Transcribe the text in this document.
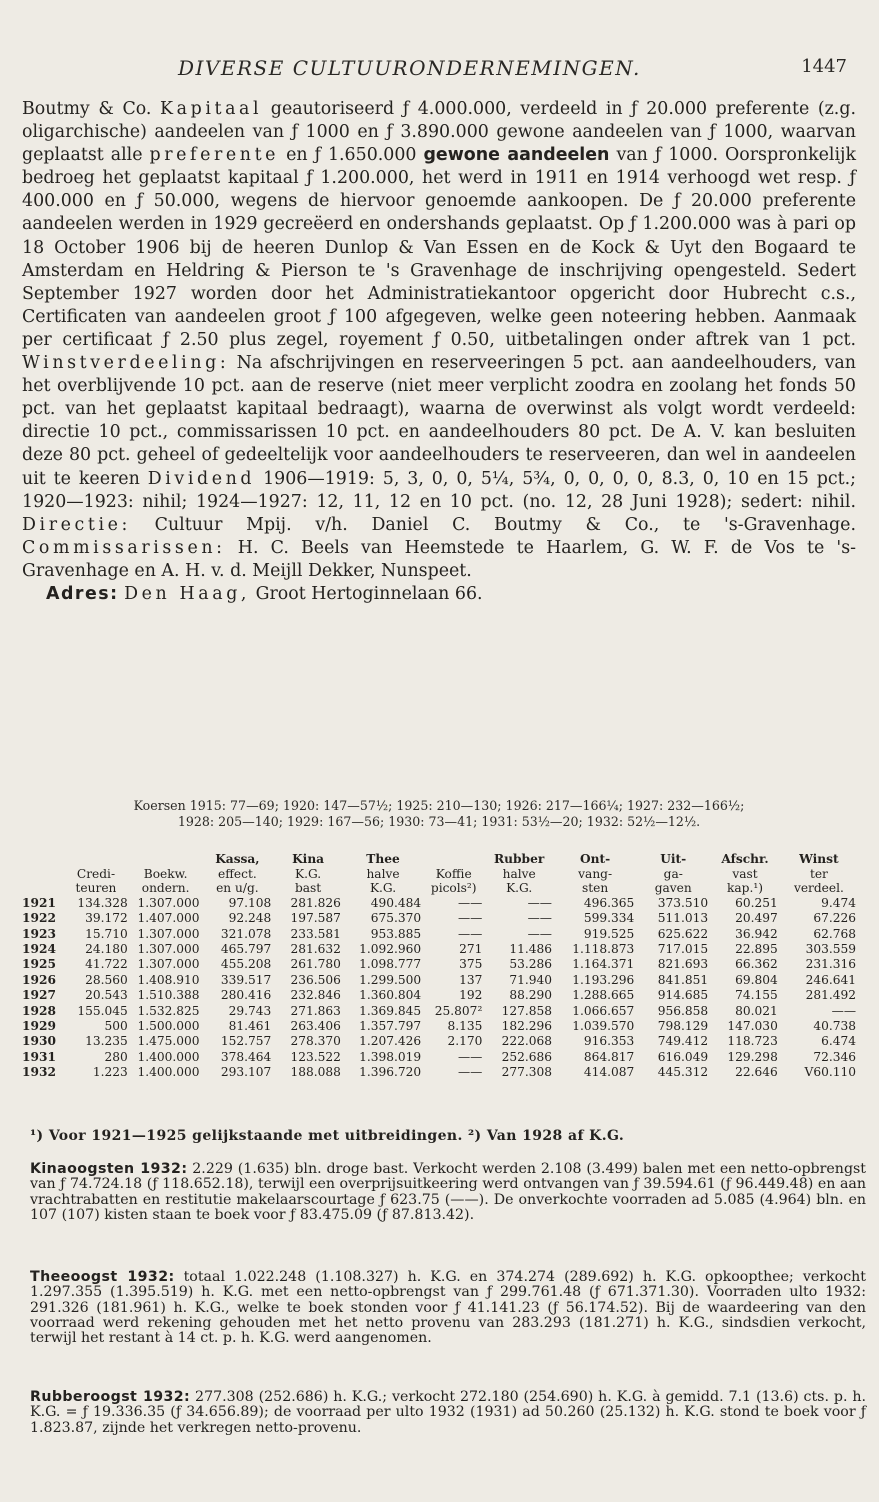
DIVERSE CULTUURONDERNEMINGEN.	1447

Boutmy & Co. Kapitaal geautoriseerd ƒ 4.000.000, verdeeld in ƒ 20.000 preferente (z.g. oligarchische) aandeelen van ƒ 1000 en ƒ 3.890.000 gewone aandeelen van ƒ 1000, waarvan geplaatst alle preferente en ƒ 1.650.000 gewone aandeelen van ƒ 1000. Oorspronkelijk bedroeg het geplaatst kapitaal ƒ 1.200.000, het werd in 1911 en 1914 verhoogd wet resp. ƒ 400.000 en ƒ 50.000, wegens de hiervoor genoemde aankoopen. De ƒ 20.000 preferente aandeelen werden in 1929 gecreëerd en ondershands geplaatst. Op ƒ 1.200.000 was à pari op 18 October 1906 bij de heeren Dunlop & Van Essen en de Kock & Uyt den Bogaard te Amsterdam en Heldring & Pierson te 's Gravenhage de inschrijving opengesteld. Sedert September 1927 worden door het Administratiekantoor opgericht door Hubrecht c.s., Certificaten van aandeelen groot ƒ 100 afgegeven, welke geen noteering hebben. Aanmaak per certificaat ƒ 2.50 plus zegel, royement ƒ 0.50, uitbetalingen onder aftrek van 1 pct. Winstverdeeling: Na afschrijvingen en reserveeringen 5 pct. aan aandeelhouders, van het overblijvende 10 pct. aan de reserve (niet meer verplicht zoodra en zoolang het fonds 50 pct. van het geplaatst kapitaal bedraagt), waarna de overwinst als volgt wordt verdeeld: directie 10 pct., commissarissen 10 pct. en aandeelhouders 80 pct. De A. V. kan besluiten deze 80 pct. geheel of gedeeltelijk voor aandeelhouders te reserveeren, dan wel in aandeelen uit te keeren Dividend 1906—1919: 5, 3, 0, 0, 5¼, 5¾, 0, 0, 0, 0, 8.3, 0, 10 en 15 pct.; 1920—1923: nihil; 1924—1927: 12, 11, 12 en 10 pct. (no. 12, 28 Juni 1928); sedert: nihil. Directie: Cultuur Mpij. v/h. Daniel C. Boutmy & Co., te 's-Gravenhage. Commissarissen: H. C. Beels van Heemstede te Haarlem, G. W. F. de Vos te 's-Gravenhage en A. H. v. d. Meijll Dekker, Nunspeet.

Adres: Den Haag, Groot Hertoginnelaan 66.

Koersen 1915: 77—69; 1920: 147—57½; 1925: 210—130; 1926: 217—166¼; 1927: 232—166½;
1928: 205—140; 1929: 167—56; 1930: 73—41; 1931: 53½—20; 1932: 52½—12½.
			Kassa,	Kina	Thee		Rubber	Ont-	Uit-	Afschr.	Winst
	Credi-	Boekw.	effect.	K.G.	halve	Koffie	halve	vang-	ga-	vast	ter
	teuren	ondern.	en u/g.	bast	K.G.	picols²)	K.G.	sten	gaven	kap.¹)	verdeel.
1921	134.328	1.307.000	97.108	281.826	490.484	——	——	496.365	373.510	60.251	9.474
1922	39.172	1.407.000	92.248	197.587	675.370	——	——	599.334	511.013	20.497	67.226
1923	15.710	1.307.000	321.078	233.581	953.885	——	——	919.525	625.622	36.942	62.768
1924	24.180	1.307.000	465.797	281.632	1.092.960	271	11.486	1.118.873	717.015	22.895	303.559
1925	41.722	1.307.000	455.208	261.780	1.098.777	375	53.286	1.164.371	821.693	66.362	231.316
1926	28.560	1.408.910	339.517	236.506	1.299.500	137	71.940	1.193.296	841.851	69.804	246.641
1927	20.543	1.510.388	280.416	232.846	1.360.804	192	88.290	1.288.665	914.685	74.155	281.492
1928	155.045	1.532.825	29.743	271.863	1.369.845	25.807²	127.858	1.066.657	956.858	80.021	——
1929	500	1.500.000	81.461	263.406	1.357.797	8.135	182.296	1.039.570	798.129	147.030	40.738
1930	13.235	1.475.000	152.757	278.370	1.207.426	2.170	222.068	916.353	749.412	118.723	6.474
1931	280	1.400.000	378.464	123.522	1.398.019	——	252.686	864.817	616.049	129.298	72.346
1932	1.223	1.400.000	293.107	188.088	1.396.720	——	277.308	414.087	445.312	22.646	V60.110
¹) Voor 1921—1925 gelijkstaande met uitbreidingen. ²) Van 1928 af K.G.
Kinaoogsten 1932: 2.229 (1.635) bln. droge bast. Verkocht werden 2.108 (3.499) balen met een netto-opbrengst van ƒ 74.724.18 (ƒ 118.652.18), terwijl een overprijsuitkeering werd ontvangen van ƒ 39.594.61 (ƒ 96.449.48) en aan vrachtrabatten en restitutie makelaarscourtage ƒ 623.75 (——). De onverkochte voorraden ad 5.085 (4.964) bln. en 107 (107) kisten staan te boek voor ƒ 83.475.09 (ƒ 87.813.42).
Theeoogst 1932: totaal 1.022.248 (1.108.327) h. K.G. en 374.274 (289.692) h. K.G. opkoopthee; verkocht 1.297.355 (1.395.519) h. K.G. met een netto-opbrengst van ƒ 299.761.48 (ƒ 671.371.30). Voorraden ulto 1932: 291.326 (181.961) h. K.G., welke te boek stonden voor ƒ 41.141.23 (ƒ 56.174.52). Bij de waardeering van den voorraad werd rekening gehouden met het netto provenu van 283.293 (181.271) h. K.G., sindsdien verkocht, terwijl het restant à 14 ct. p. h. K.G. werd aangenomen.
Rubberoogst 1932: 277.308 (252.686) h. K.G.; verkocht 272.180 (254.690) h. K.G. à gemidd. 7.1 (13.6) cts. p. h. K.G. = ƒ 19.336.35 (ƒ 34.656.89); de voorraad per ulto 1932 (1931) ad 50.260 (25.132) h. K.G. stond te boek voor ƒ 1.823.87, zijnde het verkregen netto-provenu.
